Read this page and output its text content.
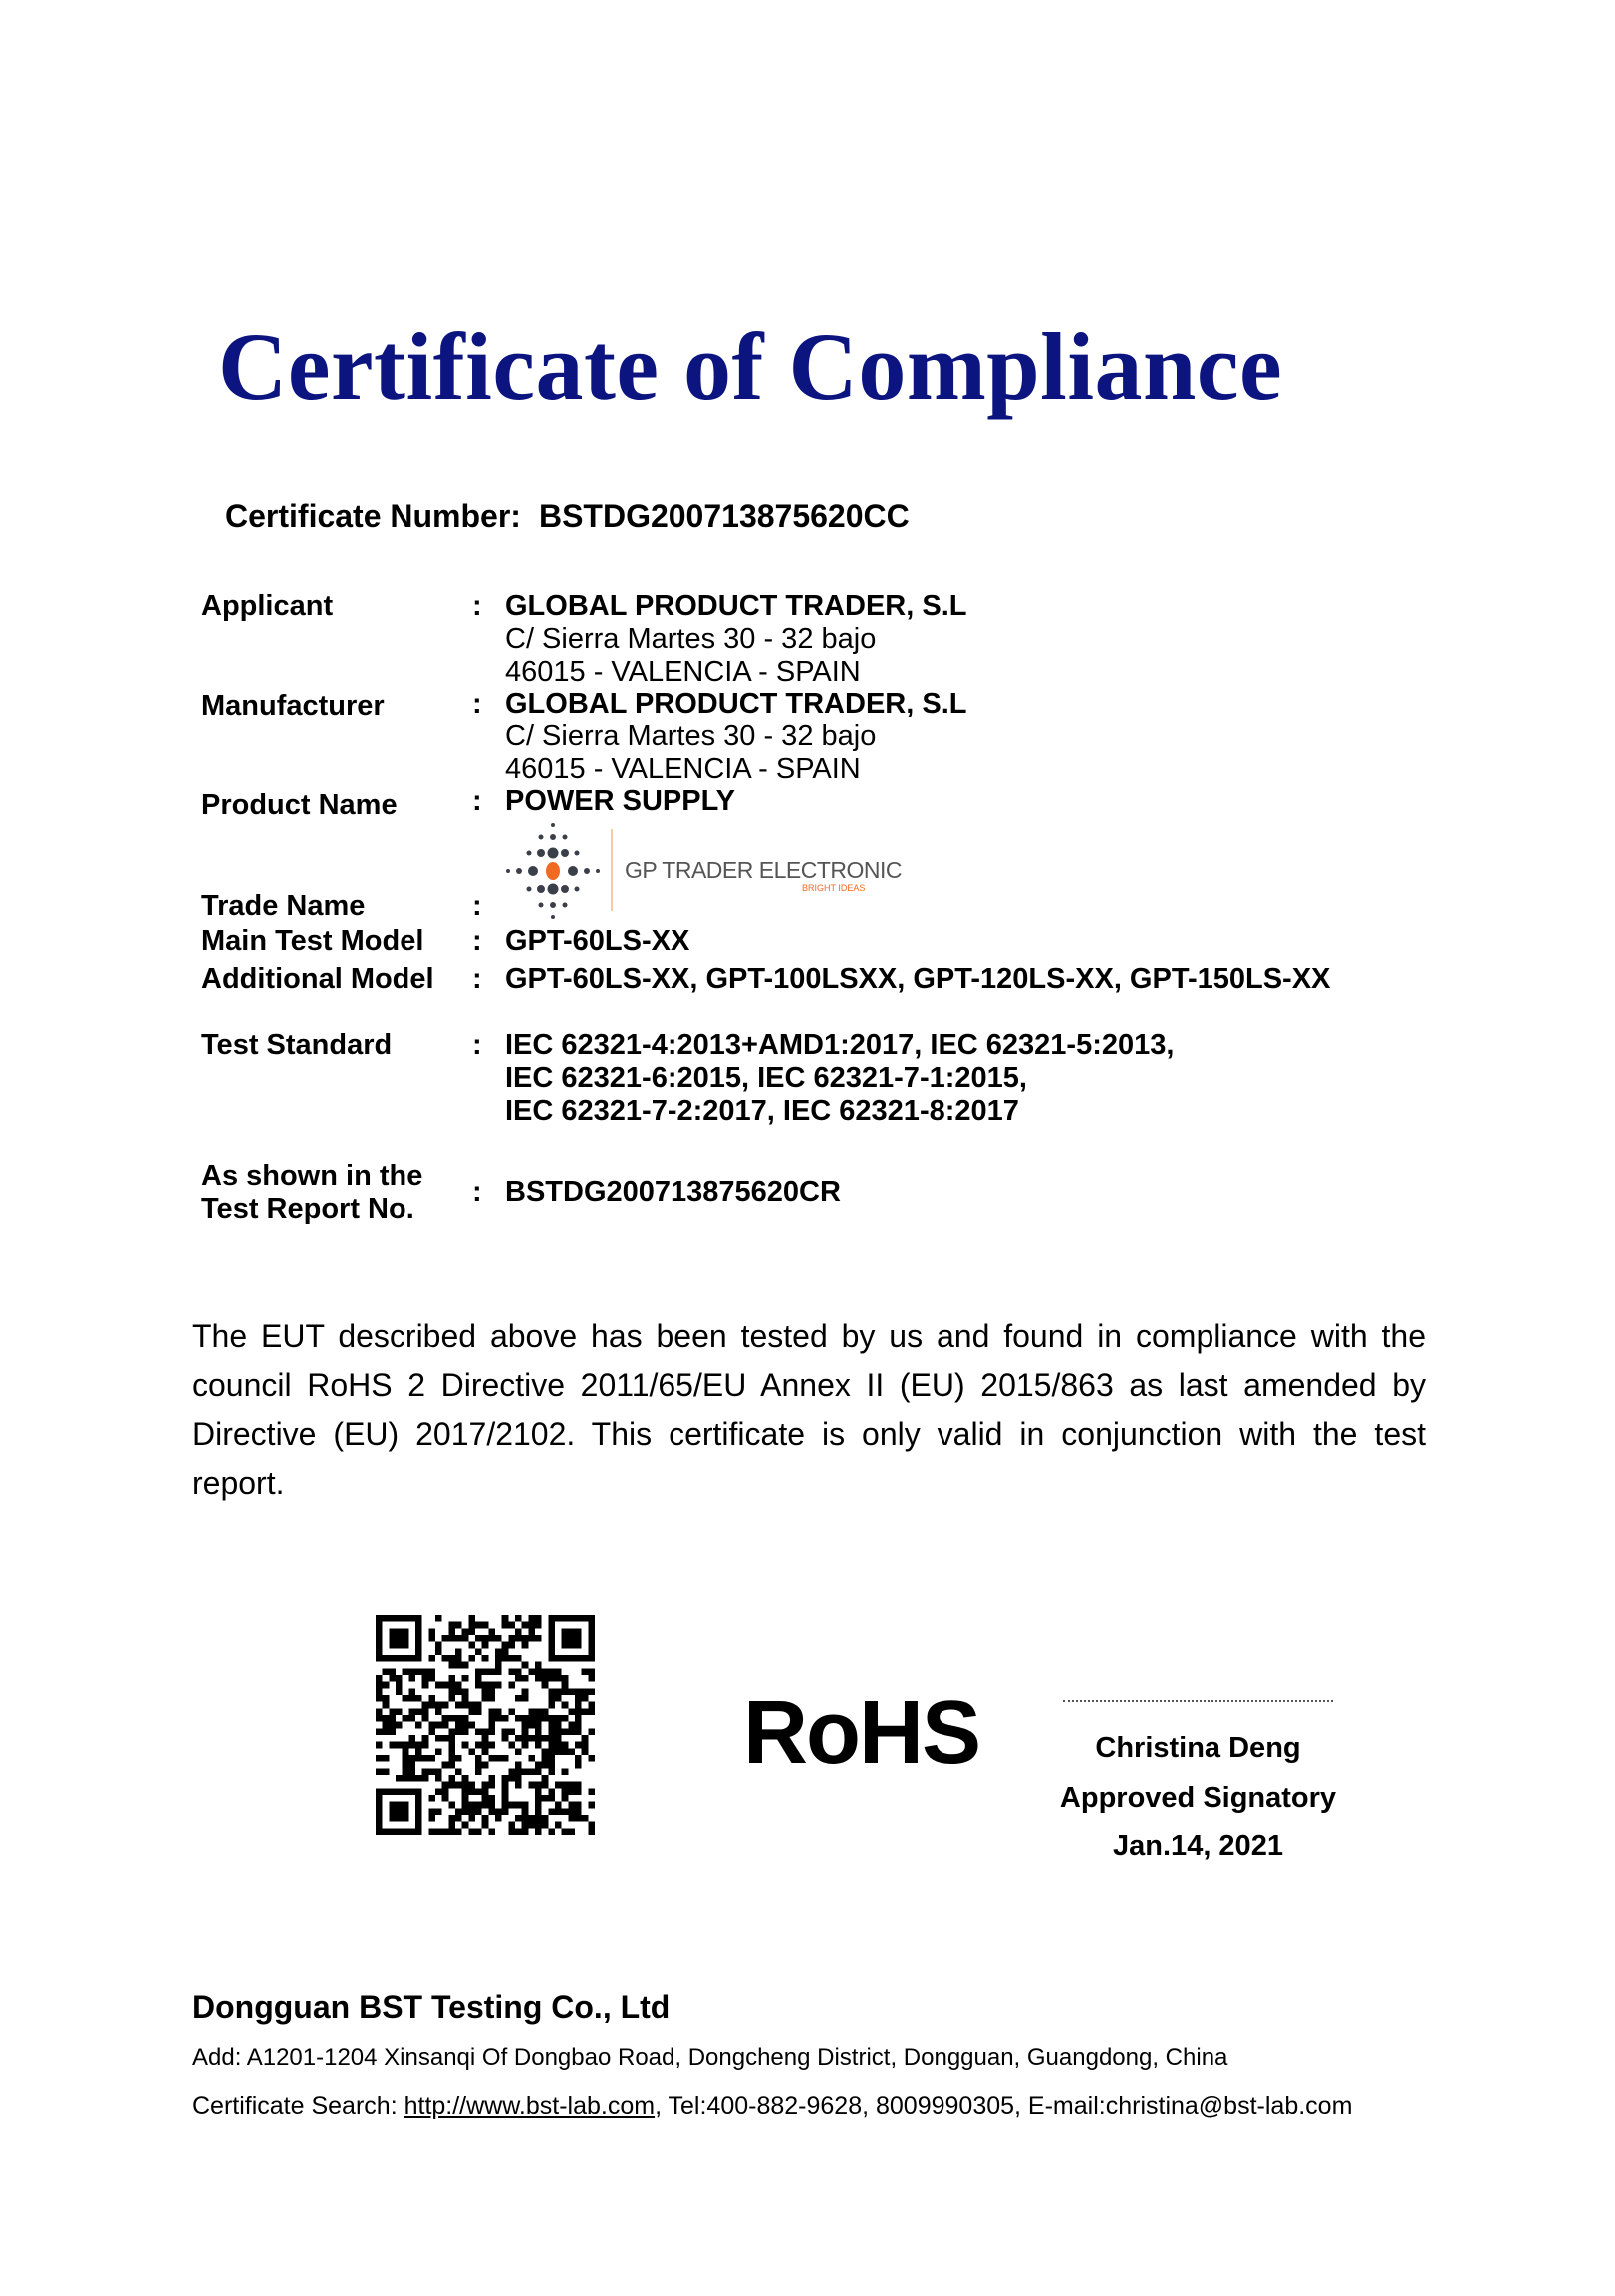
Certificate of Compliance
Certificate Number: BSTDG200713875620CC
Applicant	: GLOBAL PRODUCT TRADER, S.L
C/ Sierra Martes 30 - 32 bajo
46015 - VALENCIA - SPAIN
Manufacturer	: GLOBAL PRODUCT TRADER, S.L
C/ Sierra Martes 30 - 32 bajo
46015 - VALENCIA - SPAIN
Product Name	: POWER SUPPLY
Trade Name	:
GP TRADER ELECTRONIC
BRIGHT IDEAS
Main Test Model : GPT-60LS-XX
Additional Model : GPT-60LS-XX, GPT-100LSXX, GPT-120LS-XX, GPT-150LS-XX
Test Standard	: IEC 62321-4:2013+AMD1:2017, IEC 62321-5:2013,
IEC 62321-6:2015, IEC 62321-7-1:2015,
IEC 62321-7-2:2017, IEC 62321-8:2017
As shown in the
Test Report No.
: BSTDG200713875620CR
The EUT described above has been tested by us and found in compliance with the council RoHS 2 Directive 2011/65/EU Annex II (EU) 2015/863 as last amended by Directive (EU) 2017/2102. This certificate is only valid in conjunction with the test report.
RoHS	Christina Deng
Approved Signatory
Jan.14, 2021
Dongguan BST Testing Co., Ltd
Add: A1201-1204 Xinsanqi Of Dongbao Road, Dongcheng District, Dongguan, Guangdong, China
Certificate Search: http://www.bst-lab.com, Tel:400-882-9628, 8009990305, E-mail:christina@bst-lab.com
